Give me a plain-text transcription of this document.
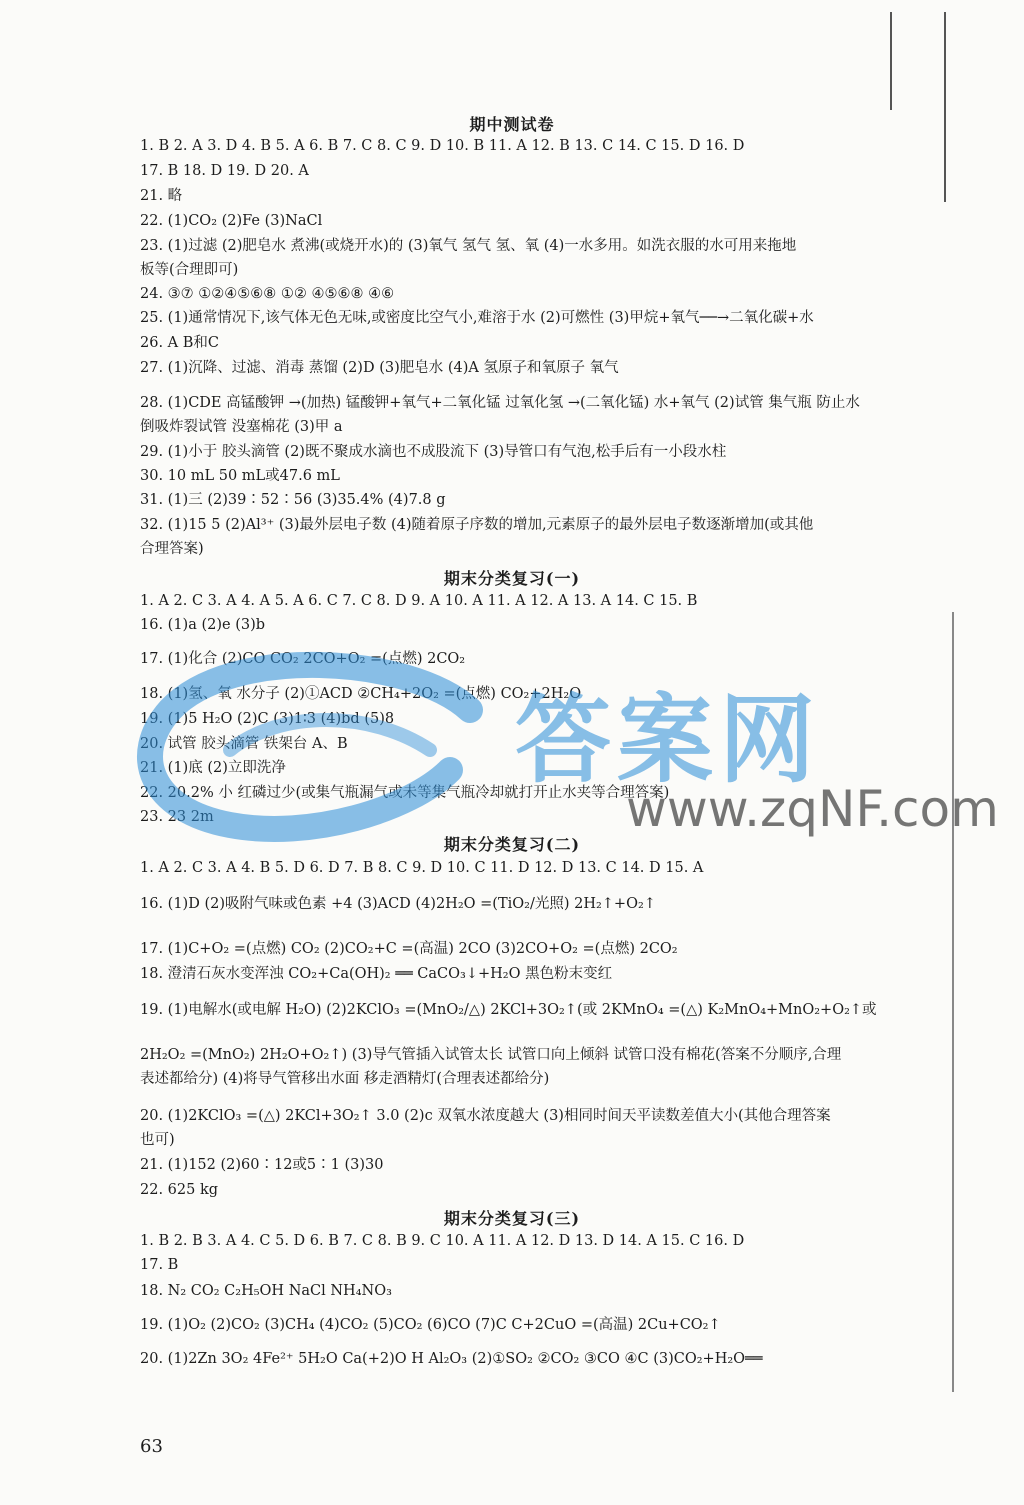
期中测试卷
1. B 2. A 3. D 4. B 5. A 6. B 7. C 8. C 9. D 10. B 11. A 12. B 13. C 14. C 15. D 16. D
17. B 18. D 19. D 20. A
21. 略
22. (1)CO₂ (2)Fe (3)NaCl
23. (1)过滤 (2)肥皂水 煮沸(或烧开水)的 (3)氧气 氢气 氢、氧 (4)一水多用。如洗衣服的水可用来拖地
板等(合理即可)
24. ③⑦ ①②④⑤⑥⑧ ①② ④⑤⑥⑧ ④⑥
25. (1)通常情况下,该气体无色无味,或密度比空气小,难溶于水 (2)可燃性 (3)甲烷+氧气──→二氧化碳+水
26. A B和C
27. (1)沉降、过滤、消毒 蒸馏 (2)D (3)肥皂水 (4)A 氢原子和氧原子 氧气
28. (1)CDE 高锰酸钾 →(加热) 锰酸钾+氧气+二氧化锰 过氧化氢 →(二氧化锰) 水+氧气 (2)试管 集气瓶 防止水
倒吸炸裂试管 没塞棉花 (3)甲 a
29. (1)小于 胶头滴管 (2)既不聚成水滴也不成股流下 (3)导管口有气泡,松手后有一小段水柱
30. 10 mL 50 mL或47.6 mL
31. (1)三 (2)39∶52∶56 (3)35.4% (4)7.8 g
32. (1)15 5 (2)Al³⁺ (3)最外层电子数 (4)随着原子序数的增加,元素原子的最外层电子数逐渐增加(或其他
合理答案)
期末分类复习(一)
1. A 2. C 3. A 4. A 5. A 6. C 7. C 8. D 9. A 10. A 11. A 12. A 13. A 14. C 15. B
16. (1)a (2)e (3)b
17. (1)化合 (2)CO CO₂ 2CO+O₂ =(点燃) 2CO₂
18. (1)氢、氧 水分子 (2)①ACD ②CH₄+2O₂ =(点燃) CO₂+2H₂O
19. (1)5 H₂O (2)C (3)1∶3 (4)bd (5)8
20. 试管 胶头滴管 铁架台 A、B
21. (1)底 (2)立即洗净
22. 20.2% 小 红磷过少(或集气瓶漏气或未等集气瓶冷却就打开止水夹等合理答案)
23. 23 2m
期末分类复习(二)
1. A 2. C 3. A 4. B 5. D 6. D 7. B 8. C 9. D 10. C 11. D 12. D 13. C 14. D 15. A
16. (1)D (2)吸附气味或色素 +4 (3)ACD (4)2H₂O =(TiO₂/光照) 2H₂↑+O₂↑
17. (1)C+O₂ =(点燃) CO₂ (2)CO₂+C =(高温) 2CO (3)2CO+O₂ =(点燃) 2CO₂
18. 澄清石灰水变浑浊 CO₂+Ca(OH)₂ ══ CaCO₃↓+H₂O 黑色粉末变红
19. (1)电解水(或电解 H₂O) (2)2KClO₃ =(MnO₂/△) 2KCl+3O₂↑(或 2KMnO₄ =(△) K₂MnO₄+MnO₂+O₂↑或
2H₂O₂ =(MnO₂) 2H₂O+O₂↑) (3)导气管插入试管太长 试管口向上倾斜 试管口没有棉花(答案不分顺序,合理
表述都给分) (4)将导气管移出水面 移走酒精灯(合理表述都给分)
20. (1)2KClO₃ =(△) 2KCl+3O₂↑ 3.0 (2)c 双氧水浓度越大 (3)相同时间天平读数差值大小(其他合理答案
也可)
21. (1)152 (2)60∶12或5∶1 (3)30
22. 625 kg
期末分类复习(三)
1. B 2. B 3. A 4. C 5. D 6. B 7. C 8. B 9. C 10. A 11. A 12. D 13. D 14. A 15. C 16. D
17. B
18. N₂ CO₂ C₂H₅OH NaCl NH₄NO₃
19. (1)O₂ (2)CO₂ (3)CH₄ (4)CO₂ (5)CO₂ (6)CO (7)C C+2CuO =(高温) 2Cu+CO₂↑
20. (1)2Zn 3O₂ 4Fe²⁺ 5H₂O Ca(+2)O H Al₂O₃ (2)①SO₂ ②CO₂ ③CO ④C (3)CO₂+H₂O══
63
答案网
www.zqNF.com
